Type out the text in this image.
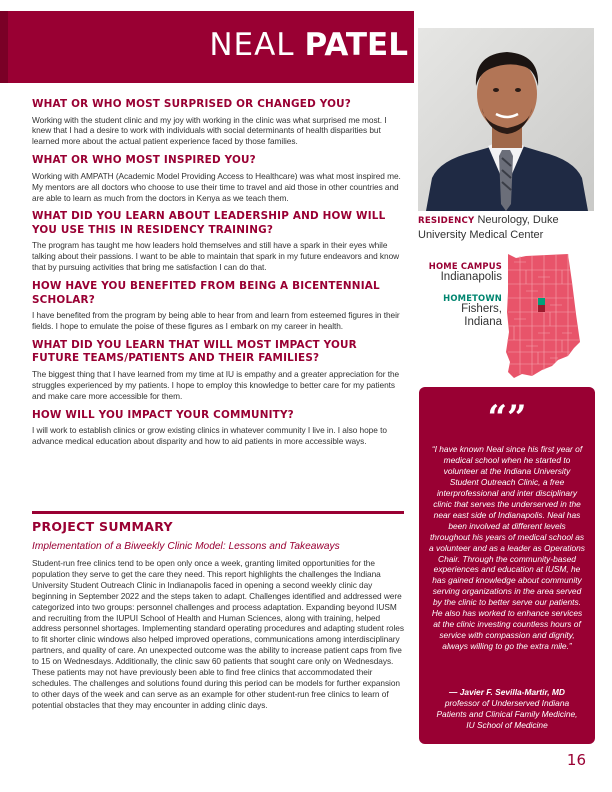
NEAL PATEL
WHAT OR WHO MOST SURPRISED OR CHANGED YOU?
Working with the student clinic and my joy with working in the clinic was what surprised me most. I knew that I had a desire to work with individuals with social determinants of health disparities but learned more about the actual patient experience faced by those families.
WHAT OR WHO MOST INSPIRED YOU?
Working with AMPATH (Academic Model Providing Access to Healthcare) was what most inspired me. My mentors are all doctors who choose to use their time to travel and aid those in other countries and are able to learn as much from the doctors in Kenya as we teach them.
WHAT DID YOU LEARN ABOUT LEADERSHIP AND HOW WILL YOU USE THIS IN RESIDENCY TRAINING?
The program has taught me how leaders hold themselves and still have a spark in their eyes while talking about their passions. I want to be able to maintain that spark in my future endeavors and know that by pursuing activities that bring me satisfaction I can do that.
HOW HAVE YOU BENEFITED FROM BEING A BICENTENNIAL SCHOLAR?
I have benefited from the program by being able to hear from and learn from esteemed figures in their fields. I hope to emulate the poise of these figures as I embark on my career in health.
WHAT DID YOU LEARN THAT WILL MOST IMPACT YOUR FUTURE TEAMS/PATIENTS AND THEIR FAMILIES?
The biggest thing that I have learned from my time at IU is empathy and a greater appreciation for the struggles experienced by my patients. I hope to employ this knowledge to better care for my patients and make care more accessible for them.
HOW WILL YOU IMPACT YOUR COMMUNITY?
I will work to establish clinics or grow existing clinics in whatever community I live in. I also hope to advance medical education about disparity and how to aid patients in more accessible ways.
PROJECT SUMMARY
Implementation of a Biweekly Clinic Model: Lessons and Takeaways
Student-run free clinics tend to be open only once a week, granting limited opportunities for the population they serve to get the care they need. This report highlights the challenges the Indiana University Student Outreach Clinic in Indianapolis faced in opening a second weekly clinic day beginning in September 2022 and the steps taken to adapt. Challenges identified and addressed were categorized into two groups: personnel challenges and process adaptation. Expanding beyond IUSM and recruiting from the IUPUI School of Health and Human Sciences, along with training, helped address personnel shortages. Implementing standard operating procedures and adapting student roles to fit shorter clinic windows also helped improved operations, communications among interdisciplinary partners, and quality of care. An unexpected outcome was the ability to increase patient caps from five to 15 on Wednesdays. Additionally, the clinic saw 60 patients that sought care only on Wednesdays. These patients may not have previously been able to find free clinics that accommodated their schedules. The challenges and solutions found during this period can be models for further expansion to other days of the week and can serve as an example for other student-run free clinics to learn of potential obstacles that they may encounter in adding clinic days.
RESIDENCY Neurology, Duke University Medical Center
HOME CAMPUS
Indianapolis
HOMETOWN
Fishers,
Indiana
“”
“I have known Neal since his first year of medical school when he started to volunteer at the Indiana University Student Outreach Clinic, a free interprofessional and inter disciplinary clinic that serves the underserved in the near east side of Indianapolis. Neal has been involved at different levels throughout his years of medical school as a volunteer and as a leader as Operations Chair. Through the community-based experiences and education at IUSM, he has gained knowledge about community serving organizations in the area served by the clinic to better serve our patients. He also has worked to enhance services at the clinic investing countless hours of service with compassion and dignity, always willing to go the extra mile.”
— Javier F. Sevilla-Martir, MD
professor of Underserved Indiana
Patients and Clinical Family Medicine,
IU School of Medicine
16
